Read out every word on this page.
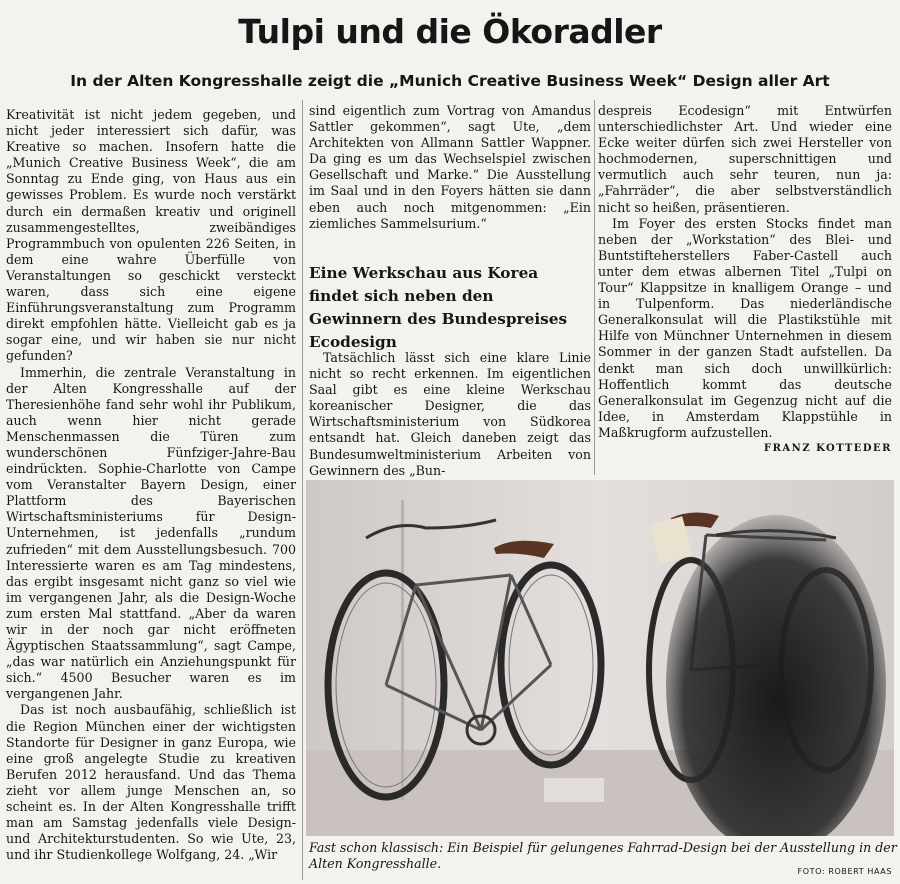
Tulpi und die Ökoradler
In der Alten Kongresshalle zeigt die „Munich Creative Business Week“ Design aller Art

Kreativität ist nicht jedem gegeben, und nicht jeder interessiert sich dafür, was Kreative so machen. Insofern hatte die „Munich Creative Business Week“, die am Sonntag zu Ende ging, von Haus aus ein gewisses Problem. Es wurde noch verstärkt durch ein dermaßen kreativ und originell zusammengestelltes, zweibändiges Programmbuch von opulenten 226 Seiten, in dem eine wahre Überfülle von Veranstaltungen so geschickt versteckt waren, dass sich eine eigene Einführungsveranstaltung zum Programm direkt empfohlen hätte. Vielleicht gab es ja sogar eine, und wir haben sie nur nicht gefunden?

Immerhin, die zentrale Veranstaltung in der Alten Kongresshalle auf der Theresienhöhe fand sehr wohl ihr Publikum, auch wenn hier nicht gerade Menschenmassen die Türen zum wunderschönen Fünfziger-Jahre-Bau eindrückten. Sophie-Charlotte von Campe vom Veranstalter Bayern Design, einer Plattform des Bayerischen Wirtschaftsministeriums für Design-Unternehmen, ist jedenfalls „rundum zufrieden“ mit dem Ausstellungsbesuch. 700 Interessierte waren es am Tag mindestens, das ergibt insgesamt nicht ganz so viel wie im vergangenen Jahr, als die Design-Woche zum ersten Mal stattfand. „Aber da waren wir in der noch gar nicht eröffneten Ägyptischen Staatssammlung“, sagt Campe, „das war natürlich ein Anziehungspunkt für sich.“ 4500 Besucher waren es im vergangenen Jahr.

Das ist noch ausbaufähig, schließlich ist die Region München einer der wichtigsten Standorte für Designer in ganz Europa, wie eine groß angelegte Studie zu kreativen Berufen 2012 herausfand. Und das Thema zieht vor allem junge Menschen an, so scheint es. In der Alten Kongresshalle trifft man am Samstag jedenfalls viele Design- und Architekturstudenten. So wie Ute, 23, und ihr Studienkollege Wolfgang, 24. „Wir

sind eigentlich zum Vortrag von Amandus Sattler gekommen“, sagt Ute, „dem Architekten von Allmann Sattler Wappner. Da ging es um das Wechselspiel zwischen Gesellschaft und Marke.“ Die Ausstellung im Saal und in den Foyers hätten sie dann eben auch noch mitgenommen: „Ein ziemliches Sammelsurium.“

Eine Werkschau aus Korea findet sich neben den Gewinnern des Bundespreises Ecodesign

Tatsächlich lässt sich eine klare Linie nicht so recht erkennen. Im eigentlichen Saal gibt es eine kleine Werkschau koreanischer Designer, die das Wirtschaftsministerium von Südkorea entsandt hat. Gleich daneben zeigt das Bundesumweltministerium Arbeiten von Gewinnern des „Bun-

despreis Ecodesign“ mit Entwürfen unterschiedlichster Art. Und wieder eine Ecke weiter dürfen sich zwei Hersteller von hochmodernen, superschnittigen und vermutlich auch sehr teuren, nun ja: „Fahrräder“, die aber selbstverständlich nicht so heißen, präsentieren.

Im Foyer des ersten Stocks findet man neben der „Workstation“ des Blei- und Buntstifteherstellers Faber-Castell auch unter dem etwas albernen Titel „Tulpi on Tour“ Klappsitze in knalligem Orange – und in Tulpenform. Das niederländische Generalkonsulat will die Plastikstühle mit Hilfe von Münchner Unternehmen in diesem Sommer in der ganzen Stadt aufstellen. Da denkt man sich doch unwillkürlich: Hoffentlich kommt das deutsche Generalkonsulat im Gegenzug nicht auf die Idee, in Amsterdam Klappstühle in Maßkrugform aufzustellen.

FRANZ KOTTEDER

Fast schon klassisch: Ein Beispiel für gelungenes Fahrrad-Design bei der Ausstellung in der Alten Kongresshalle.

FOTO: ROBERT HAAS
